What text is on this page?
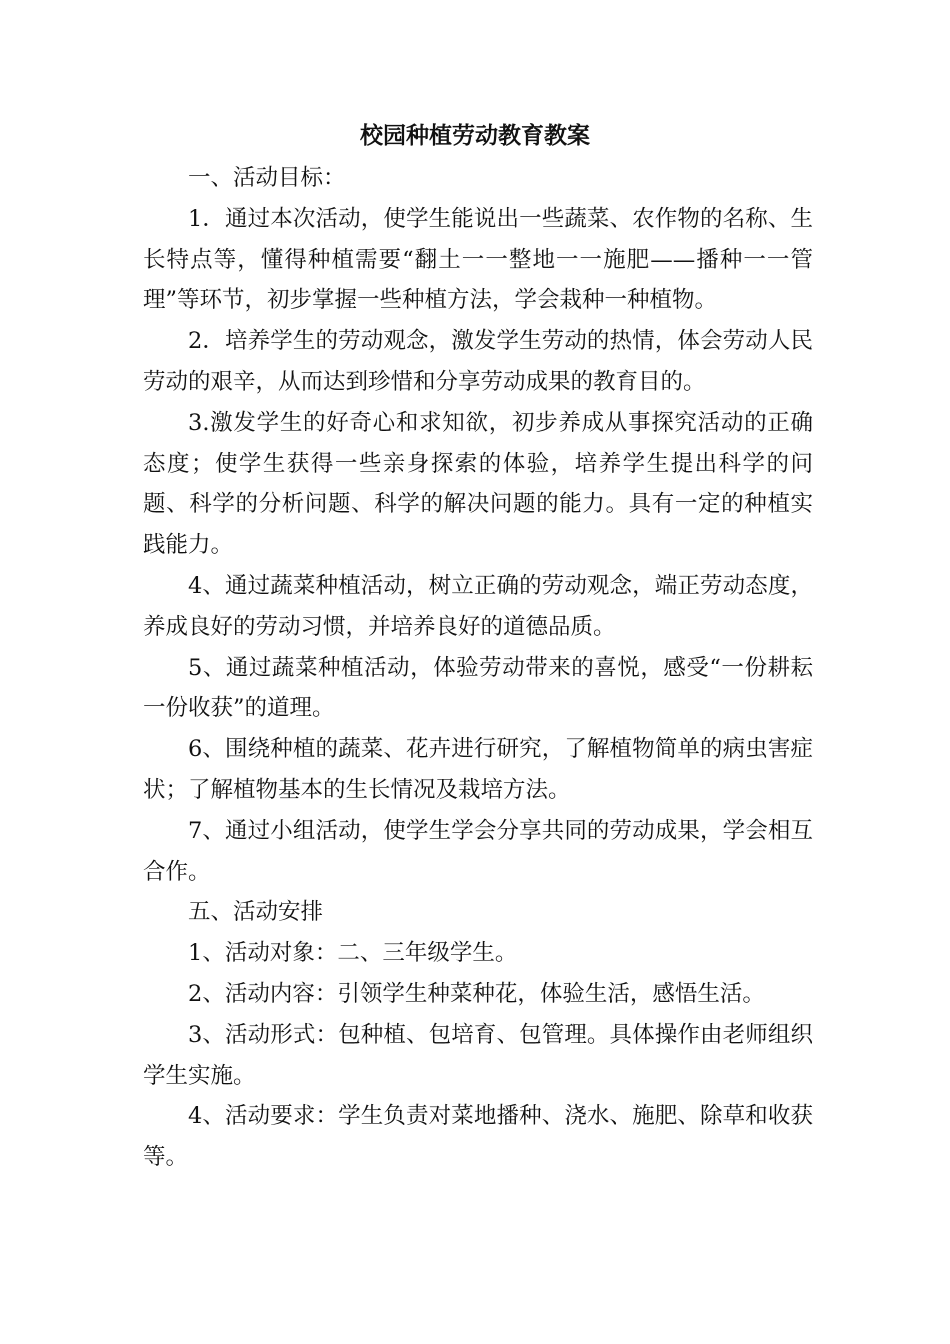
校园种植劳动教育教案

一、活动目标：

1．通过本次活动，使学生能说出一些蔬菜、农作物的名称、生长特点等，懂得种植需要“翻土一一整地一一施肥——播种一一管理”等环节，初步掌握一些种植方法，学会栽种一种植物。

2．培养学生的劳动观念，激发学生劳动的热情，体会劳动人民劳动的艰辛，从而达到珍惜和分享劳动成果的教育目的。

3.激发学生的好奇心和求知欲，初步养成从事探究活动的正确态度；使学生获得一些亲身探索的体验，培养学生提出科学的问题、科学的分析问题、科学的解决问题的能力。具有一定的种植实践能力。

4、通过蔬菜种植活动，树立正确的劳动观念，端正劳动态度，养成良好的劳动习惯，并培养良好的道德品质。

5、通过蔬菜种植活动，体验劳动带来的喜悦，感受“一份耕耘一份收获”的道理。

6、围绕种植的蔬菜、花卉进行研究，了解植物简单的病虫害症状；了解植物基本的生长情况及栽培方法。

7、通过小组活动，使学生学会分享共同的劳动成果，学会相互合作。

五、活动安排

1、活动对象：二、三年级学生。

2、活动内容：引领学生种菜种花，体验生活，感悟生活。

3、活动形式：包种植、包培育、包管理。具体操作由老师组织学生实施。

4、活动要求：学生负责对菜地播种、浇水、施肥、除草和收获等。
